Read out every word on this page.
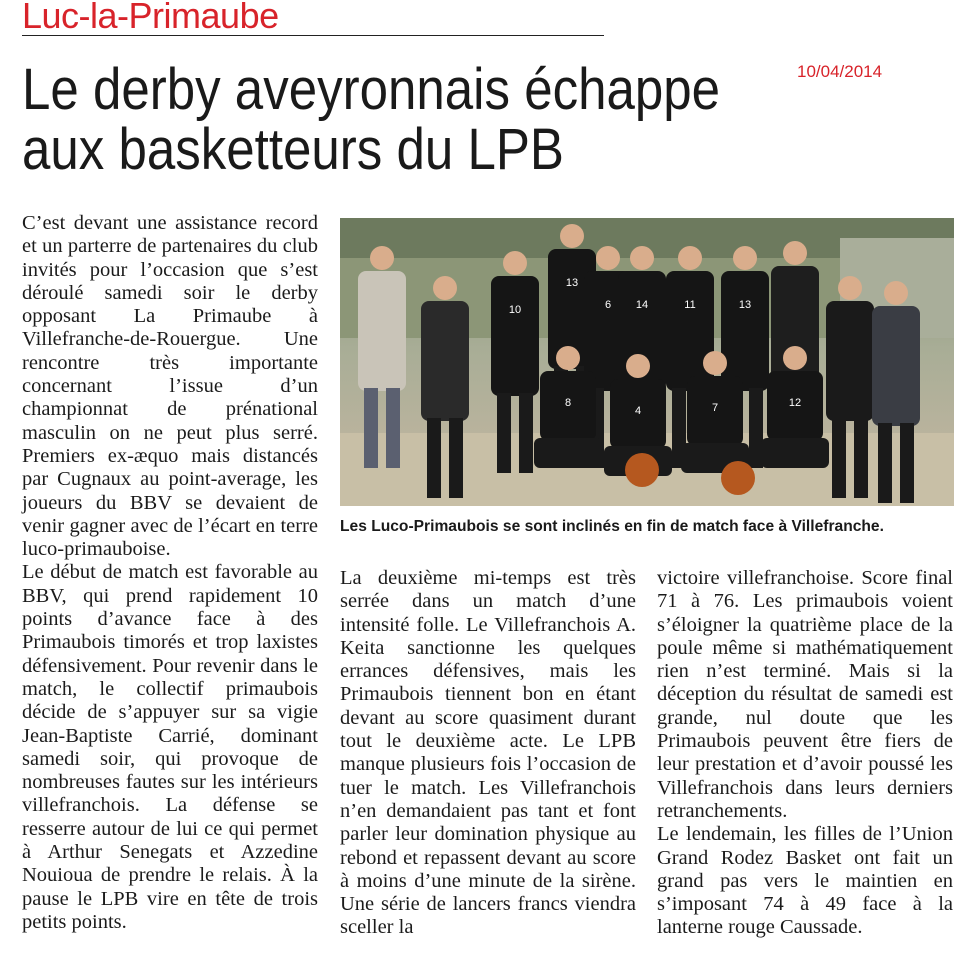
Luc-la-Primaube
10/04/2014
Le derby aveyronnais échappe
aux basketteurs du LPB

C’est devant une assistance record et un parterre de partenaires du club invités pour l’occasion que s’est déroulé samedi soir le derby opposant La Primaube à Villefranche-de-Rouergue. Une rencontre très importante concernant l’issue d’un championnat de prénational masculin on ne peut plus serré. Premiers ex-æquo mais distancés par Cugnaux au point-average, les joueurs du BBV se devaient de venir gagner avec de l’écart en terre luco-primauboise.

Le début de match est favorable au BBV, qui prend rapidement 10 points d’avance face à des Primaubois timorés et trop laxistes défensivement. Pour revenir dans le match, le collectif primaubois décide de s’appuyer sur sa vigie Jean-Baptiste Carrié, dominant samedi soir, qui provoque de nombreuses fautes sur les intérieurs villefranchois. La défense se resserre autour de lui ce qui permet à Arthur Senegats et Azzedine Nouioua de prendre le relais. À la pause le LPB vire en tête de trois petits points.

10
13
6 14	11	13
8
4	7	12

Les Luco-Primaubois se sont inclinés en fin de match face à Villefranche.

La deuxième mi-temps est très serrée dans un match d’une intensité folle. Le Villefranchois A. Keita sanctionne les quelques errances défensives, mais les Primaubois tiennent bon en étant devant au score quasiment durant tout le deuxième acte. Le LPB manque plusieurs fois l’occasion de tuer le match. Les Villefranchois n’en demandaient pas tant et font parler leur domination physique au rebond et repassent devant au score à moins d’une minute de la sirène. Une série de lancers francs viendra sceller la

victoire villefranchoise. Score final 71 à 76. Les primaubois voient s’éloigner la quatrième place de la poule même si mathématiquement rien n’est terminé. Mais si la déception du résultat de samedi est grande, nul doute que les Primaubois peuvent être fiers de leur prestation et d’avoir poussé les Villefranchois dans leurs derniers retranchements.

Le lendemain, les filles de l’Union Grand Rodez Basket ont fait un grand pas vers le maintien en s’imposant 74 à 49 face à la lanterne rouge Caussade.
